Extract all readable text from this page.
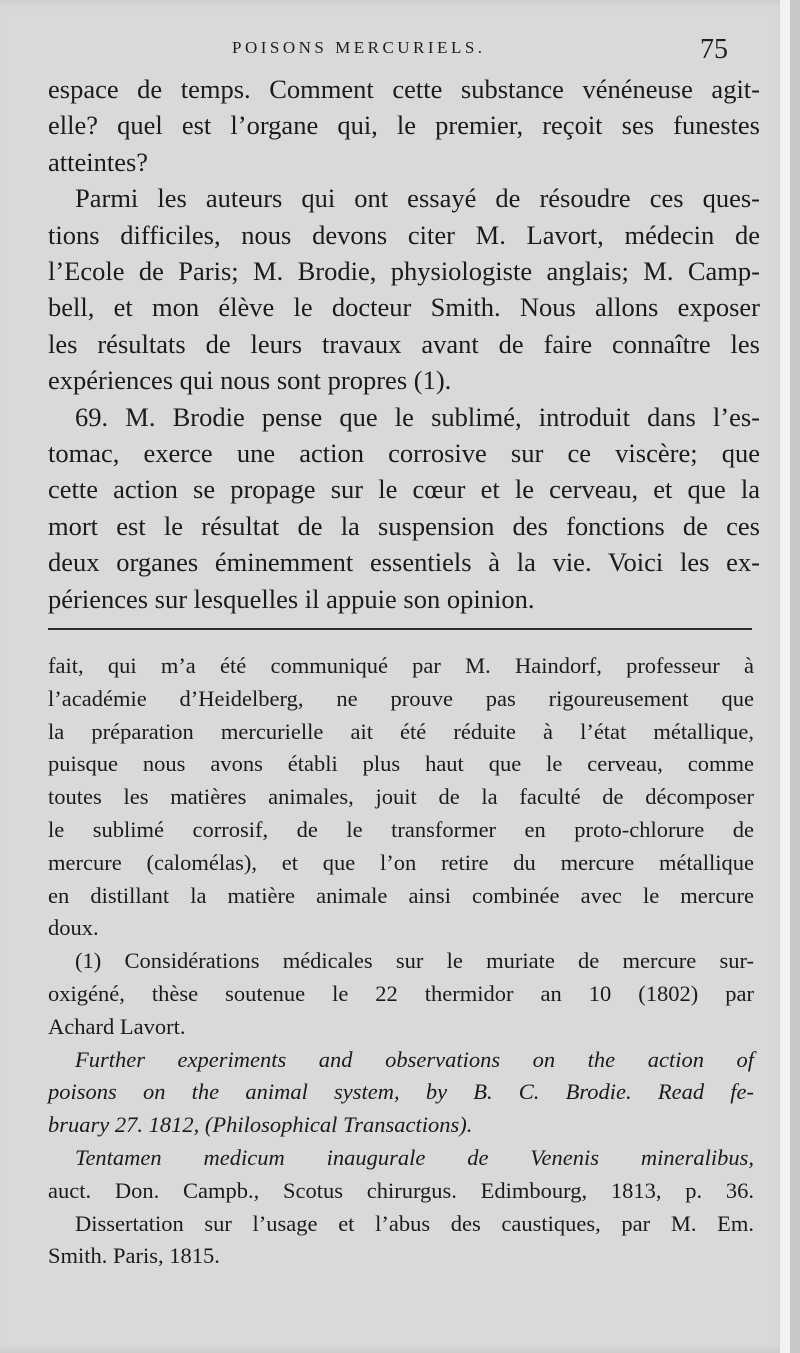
POISONS MERCURIELS.	75
espace de temps. Comment cette substance vénéneuse agit-
elle? quel est l’organe qui, le premier, reçoit ses funestes
atteintes?
Parmi les auteurs qui ont essayé de résoudre ces ques-
tions difficiles, nous devons citer M. Lavort, médecin de
l’Ecole de Paris; M. Brodie, physiologiste anglais; M. Camp-
bell, et mon élève le docteur Smith. Nous allons exposer
les résultats de leurs travaux avant de faire connaître les
expériences qui nous sont propres (1).
69. M. Brodie pense que le sublimé, introduit dans l’es-
tomac, exerce une action corrosive sur ce viscère; que
cette action se propage sur le cœur et le cerveau, et que la
mort est le résultat de la suspension des fonctions de ces
deux organes éminemment essentiels à la vie. Voici les ex-
périences sur lesquelles il appuie son opinion.
fait, qui m’a été communiqué par M. Haindorf, professeur à
l’académie d’Heidelberg, ne prouve pas rigoureusement que
la préparation mercurielle ait été réduite à l’état métallique,
puisque nous avons établi plus haut que le cerveau, comme
toutes les matières animales, jouit de la faculté de décomposer
le sublimé corrosif, de le transformer en proto-chlorure de
mercure (calomélas), et que l’on retire du mercure métallique
en distillant la matière animale ainsi combinée avec le mercure
doux.
(1) Considérations médicales sur le muriate de mercure sur-
oxigéné, thèse soutenue le 22 thermidor an 10 (1802) par
Achard Lavort.
Further experiments and observations on the action of
poisons on the animal system, by B. C. Brodie. Read fe-
bruary 27. 1812, (Philosophical Transactions).
Tentamen medicum inaugurale de Venenis mineralibus,
auct. Don. Campb., Scotus chirurgus. Edimbourg, 1813, p. 36.
Dissertation sur l’usage et l’abus des caustiques, par M. Em.
Smith. Paris, 1815.
